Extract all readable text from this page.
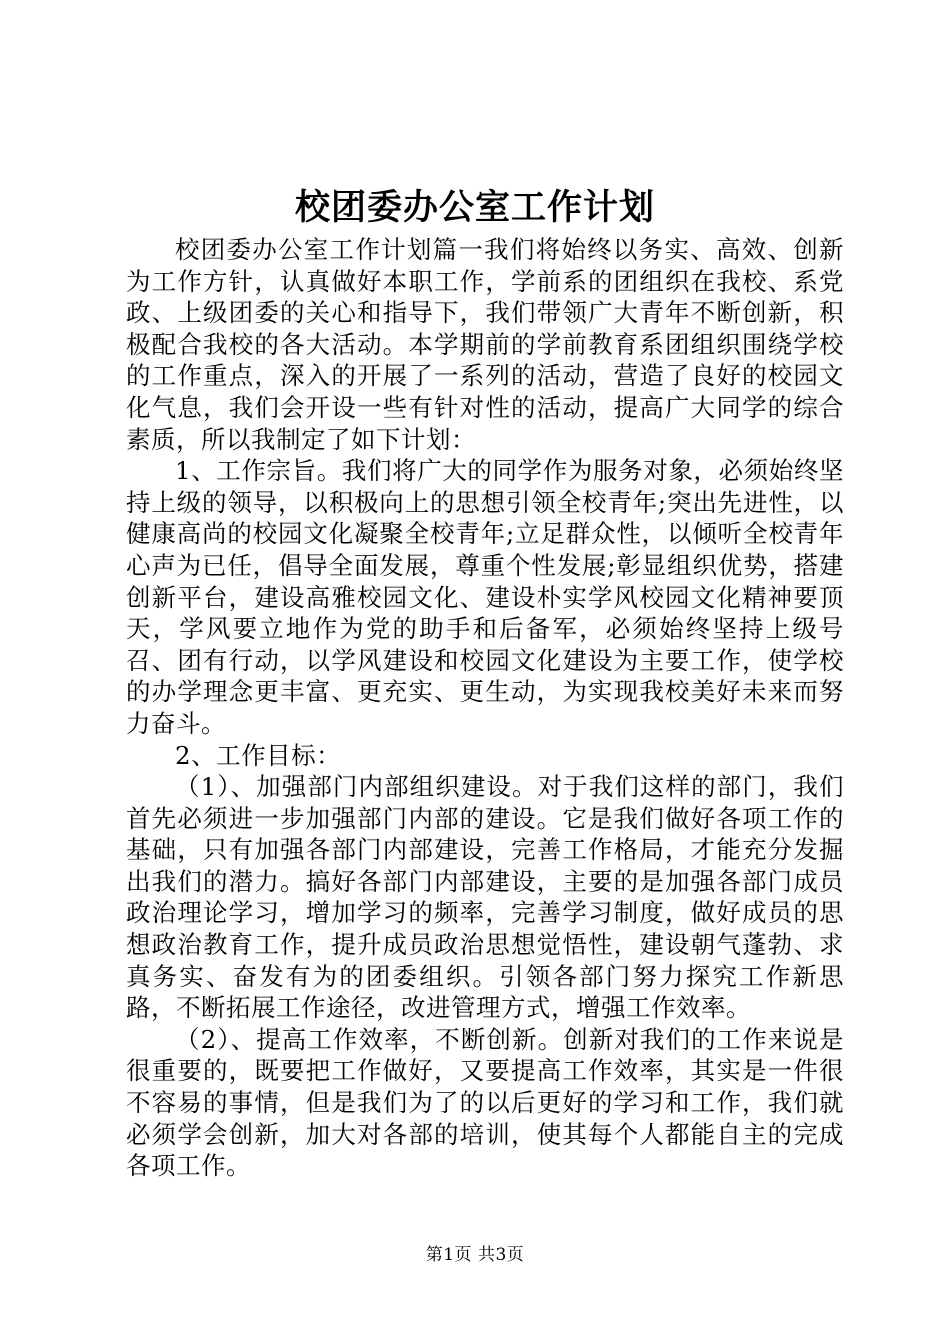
校团委办公室工作计划

校团委办公室工作计划篇一我们将始终以务实、高效、创新为工作方针，认真做好本职工作，学前系的团组织在我校、系党政、上级团委的关心和指导下，我们带领广大青年不断创新，积极配合我校的各大活动。本学期前的学前教育系团组织围绕学校的工作重点，深入的开展了一系列的活动，营造了良好的校园文化气息，我们会开设一些有针对性的活动，提高广大同学的综合素质，所以我制定了如下计划：

1、工作宗旨。我们将广大的同学作为服务对象，必须始终坚持上级的领导，以积极向上的思想引领全校青年;突出先进性，以健康高尚的校园文化凝聚全校青年;立足群众性，以倾听全校青年心声为已任，倡导全面发展，尊重个性发展;彰显组织优势，搭建创新平台，建设高雅校园文化、建设朴实学风校园文化精神要顶天，学风要立地作为党的助手和后备军，必须始终坚持上级号召、团有行动，以学风建设和校园文化建设为主要工作，使学校的办学理念更丰富、更充实、更生动，为实现我校美好未来而努力奋斗。

2、工作目标：

（1）、加强部门内部组织建设。对于我们这样的部门，我们首先必须进一步加强部门内部的建设。它是我们做好各项工作的基础，只有加强各部门内部建设，完善工作格局，才能充分发掘出我们的潜力。搞好各部门内部建设，主要的是加强各部门成员政治理论学习，增加学习的频率，完善学习制度，做好成员的思想政治教育工作，提升成员政治思想觉悟性，建设朝气蓬勃、求真务实、奋发有为的团委组织。引领各部门努力探究工作新思路，不断拓展工作途径，改进管理方式，增强工作效率。

（2）、提高工作效率，不断创新。创新对我们的工作来说是很重要的，既要把工作做好，又要提高工作效率，其实是一件很不容易的事情，但是我们为了的以后更好的学习和工作，我们就必须学会创新，加大对各部的培训，使其每个人都能自主的完成各项工作。

第1页 共3页
